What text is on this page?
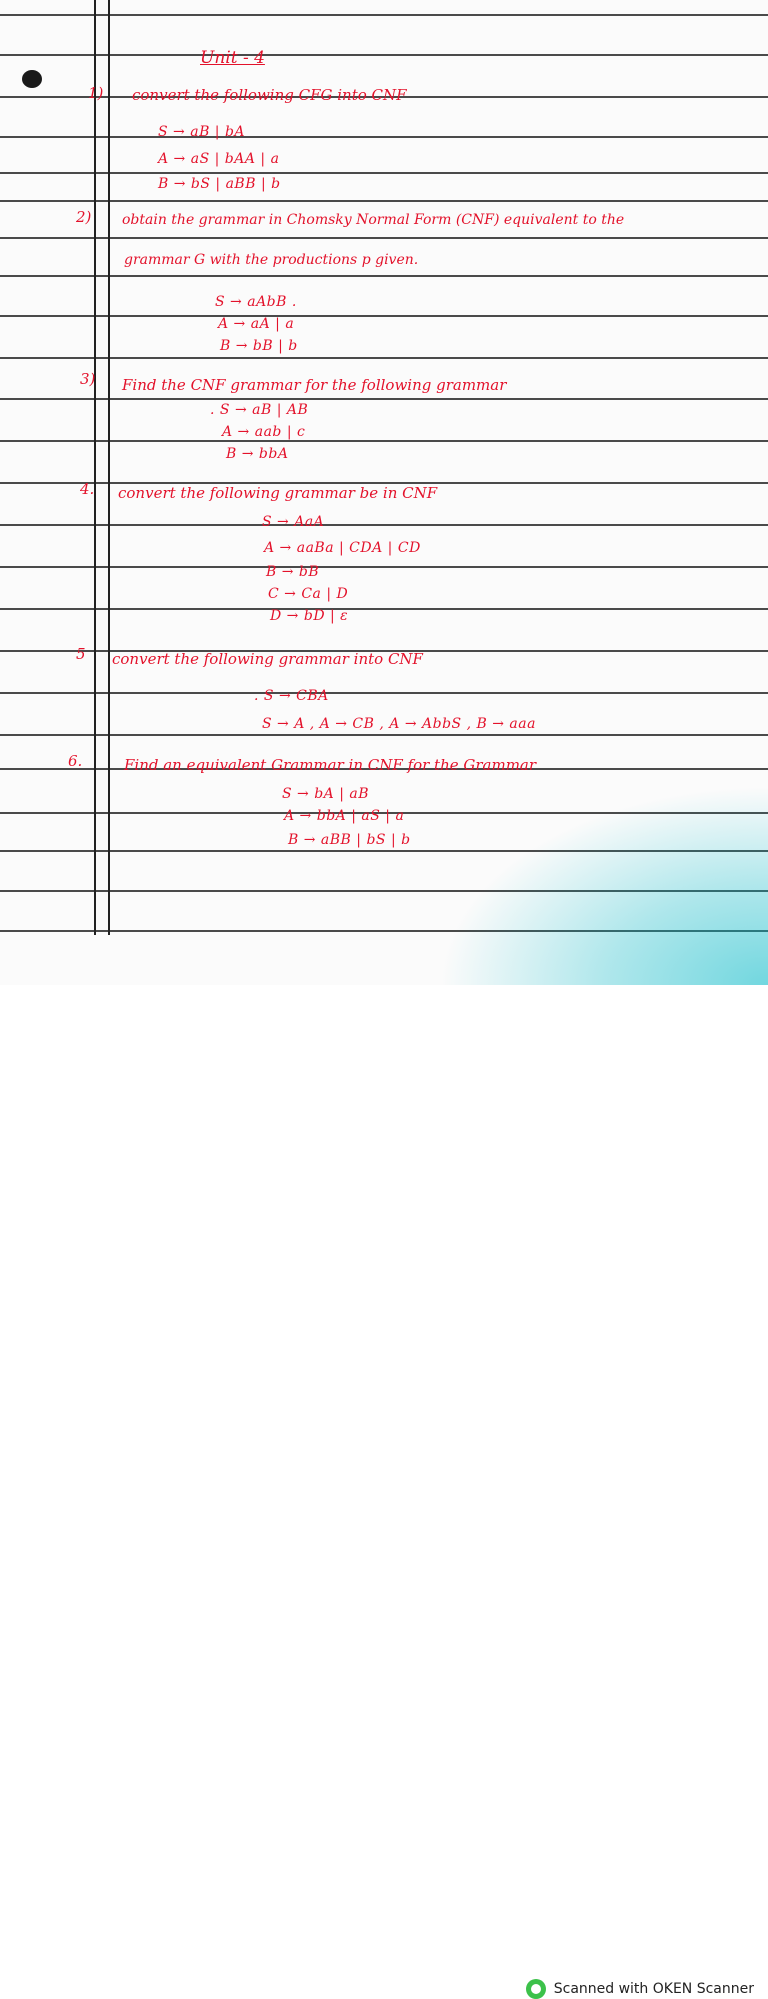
Unit - 4
1) convert the following CFG into CNF
S → aB | bA
A → aS | bAA | a
B → bS | aBB | b
2) obtain the grammar in Chomsky Normal Form (CNF) equivalent to the
grammar G with the productions p given.
S → aAbB .
A → aA | a
B → bB | b
3) Find the CNF grammar for the following grammar
. S → aB | AB
A → aab | c
B → bbA
4. convert the following grammar be in CNF
S → AaA
A → aaBa | CDA | CD
B → bB
C → Ca | D
D → bD | ε
5 convert the following grammar into CNF
. S → CBA
S → A , A → CB , A → AbbS , B → aaa
6.	Find an equivalent Grammar in CNF for the Grammar
S → bA | aB
A → bbA | aS | a
B → aBB | bS | b
Scanned with OKEN Scanner
